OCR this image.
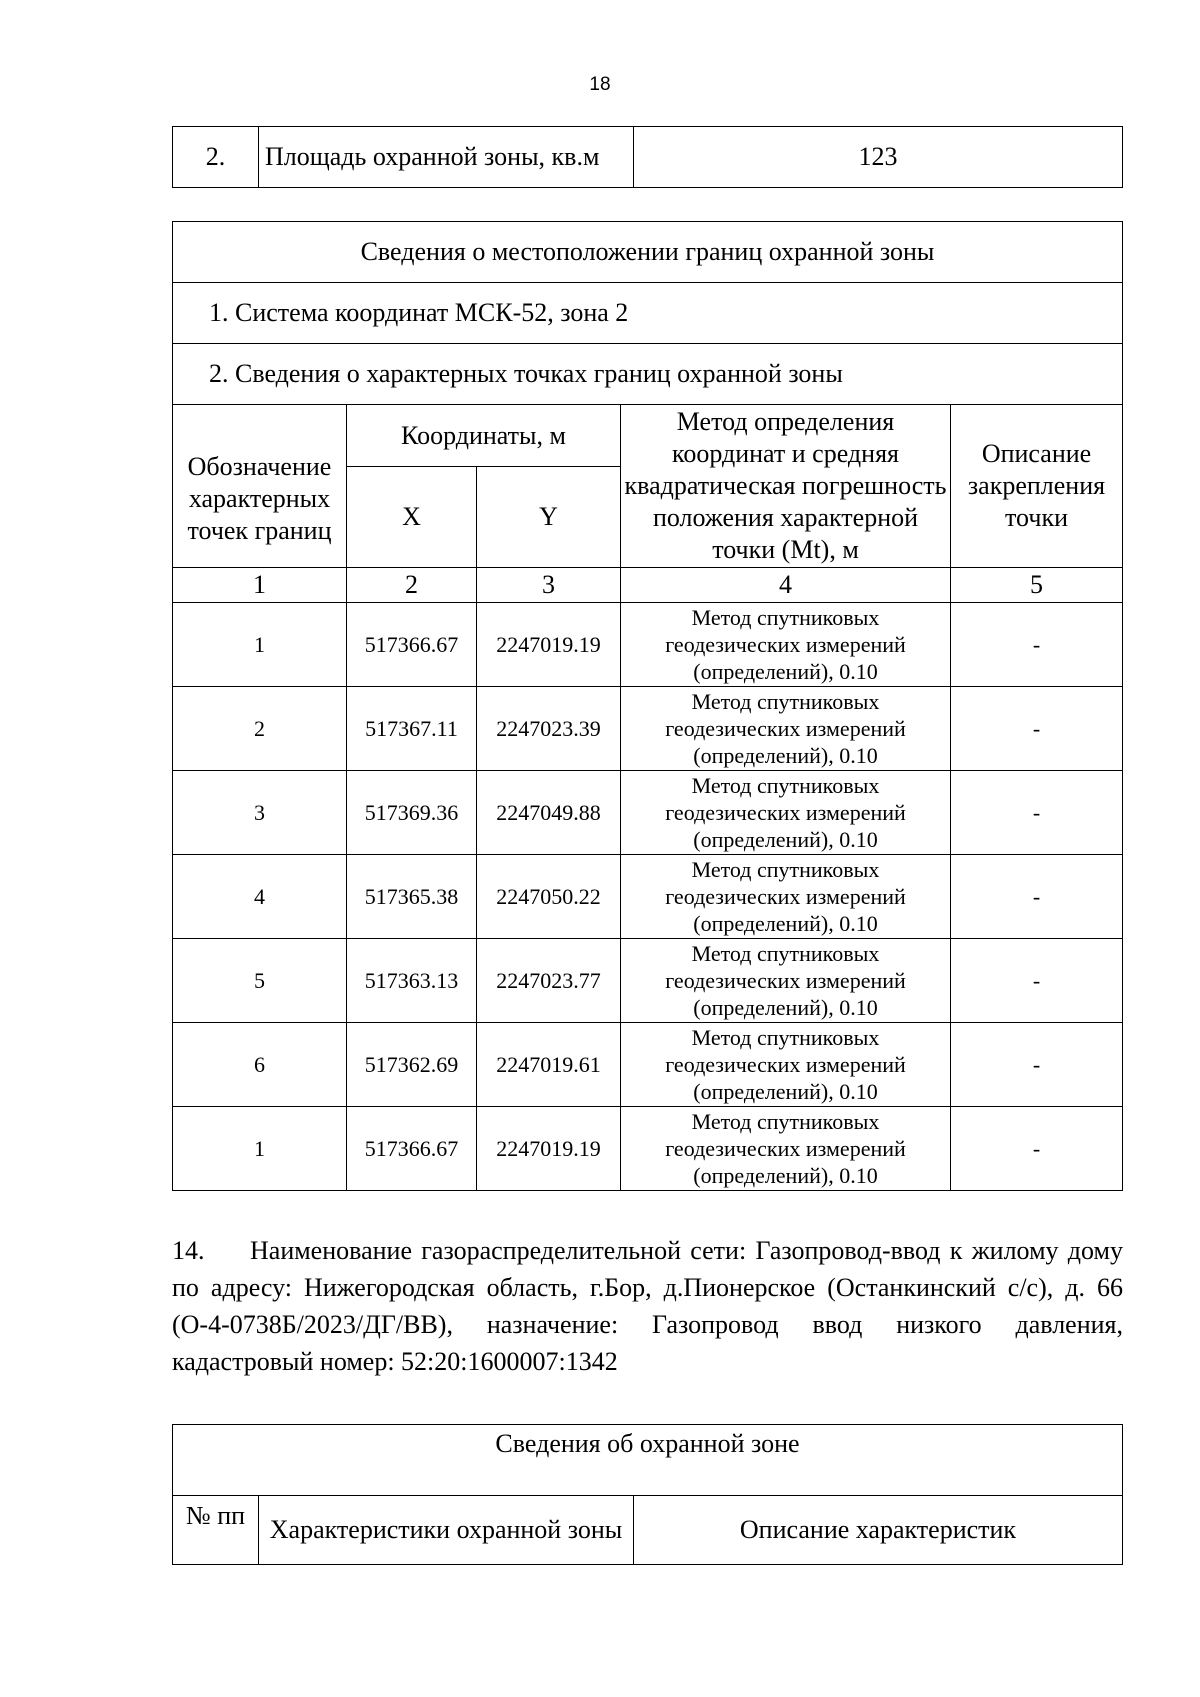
18
2.	Площадь охранной зоны, кв.м	123
Сведения о местоположении границ охранной зоны				
1. Система координат МСК-52, зона 2				
2. Сведения о характерных точках границ охранной зоны				
Обозначение характерных точек границ	Координаты, м		Метод определения координат и средняя квадратическая погрешность положения характерной точки (Mt), м	Описание закрепления точки
	X	Y		
1	2	3	4	5
1	517366.67	2247019.19	Метод спутниковых
геодезических измерений
(определений), 0.10	-
2	517367.11	2247023.39	Метод спутниковых
геодезических измерений
(определений), 0.10	-
3	517369.36	2247049.88	Метод спутниковых
геодезических измерений
(определений), 0.10	-
4	517365.38	2247050.22	Метод спутниковых
геодезических измерений
(определений), 0.10	-
5	517363.13	2247023.77	Метод спутниковых
геодезических измерений
(определений), 0.10	-
6	517362.69	2247019.61	Метод спутниковых
геодезических измерений
(определений), 0.10	-
1	517366.67	2247019.19	Метод спутниковых
геодезических измерений
(определений), 0.10	-
14. Наименование газораспределительной сети: Газопровод-ввод к жилому дому по адресу: Нижегородская область, г.Бор, д.Пионерское (Останкинский с/с), д. 66 (О-4-0738Б/2023/ДГ/ВВ), назначение: Газопровод ввод низкого давления, кадастровый номер: 52:20:1600007:1342
Сведения об охранной зоне
№ пп	Характеристики охранной зоны	Описание характеристик
